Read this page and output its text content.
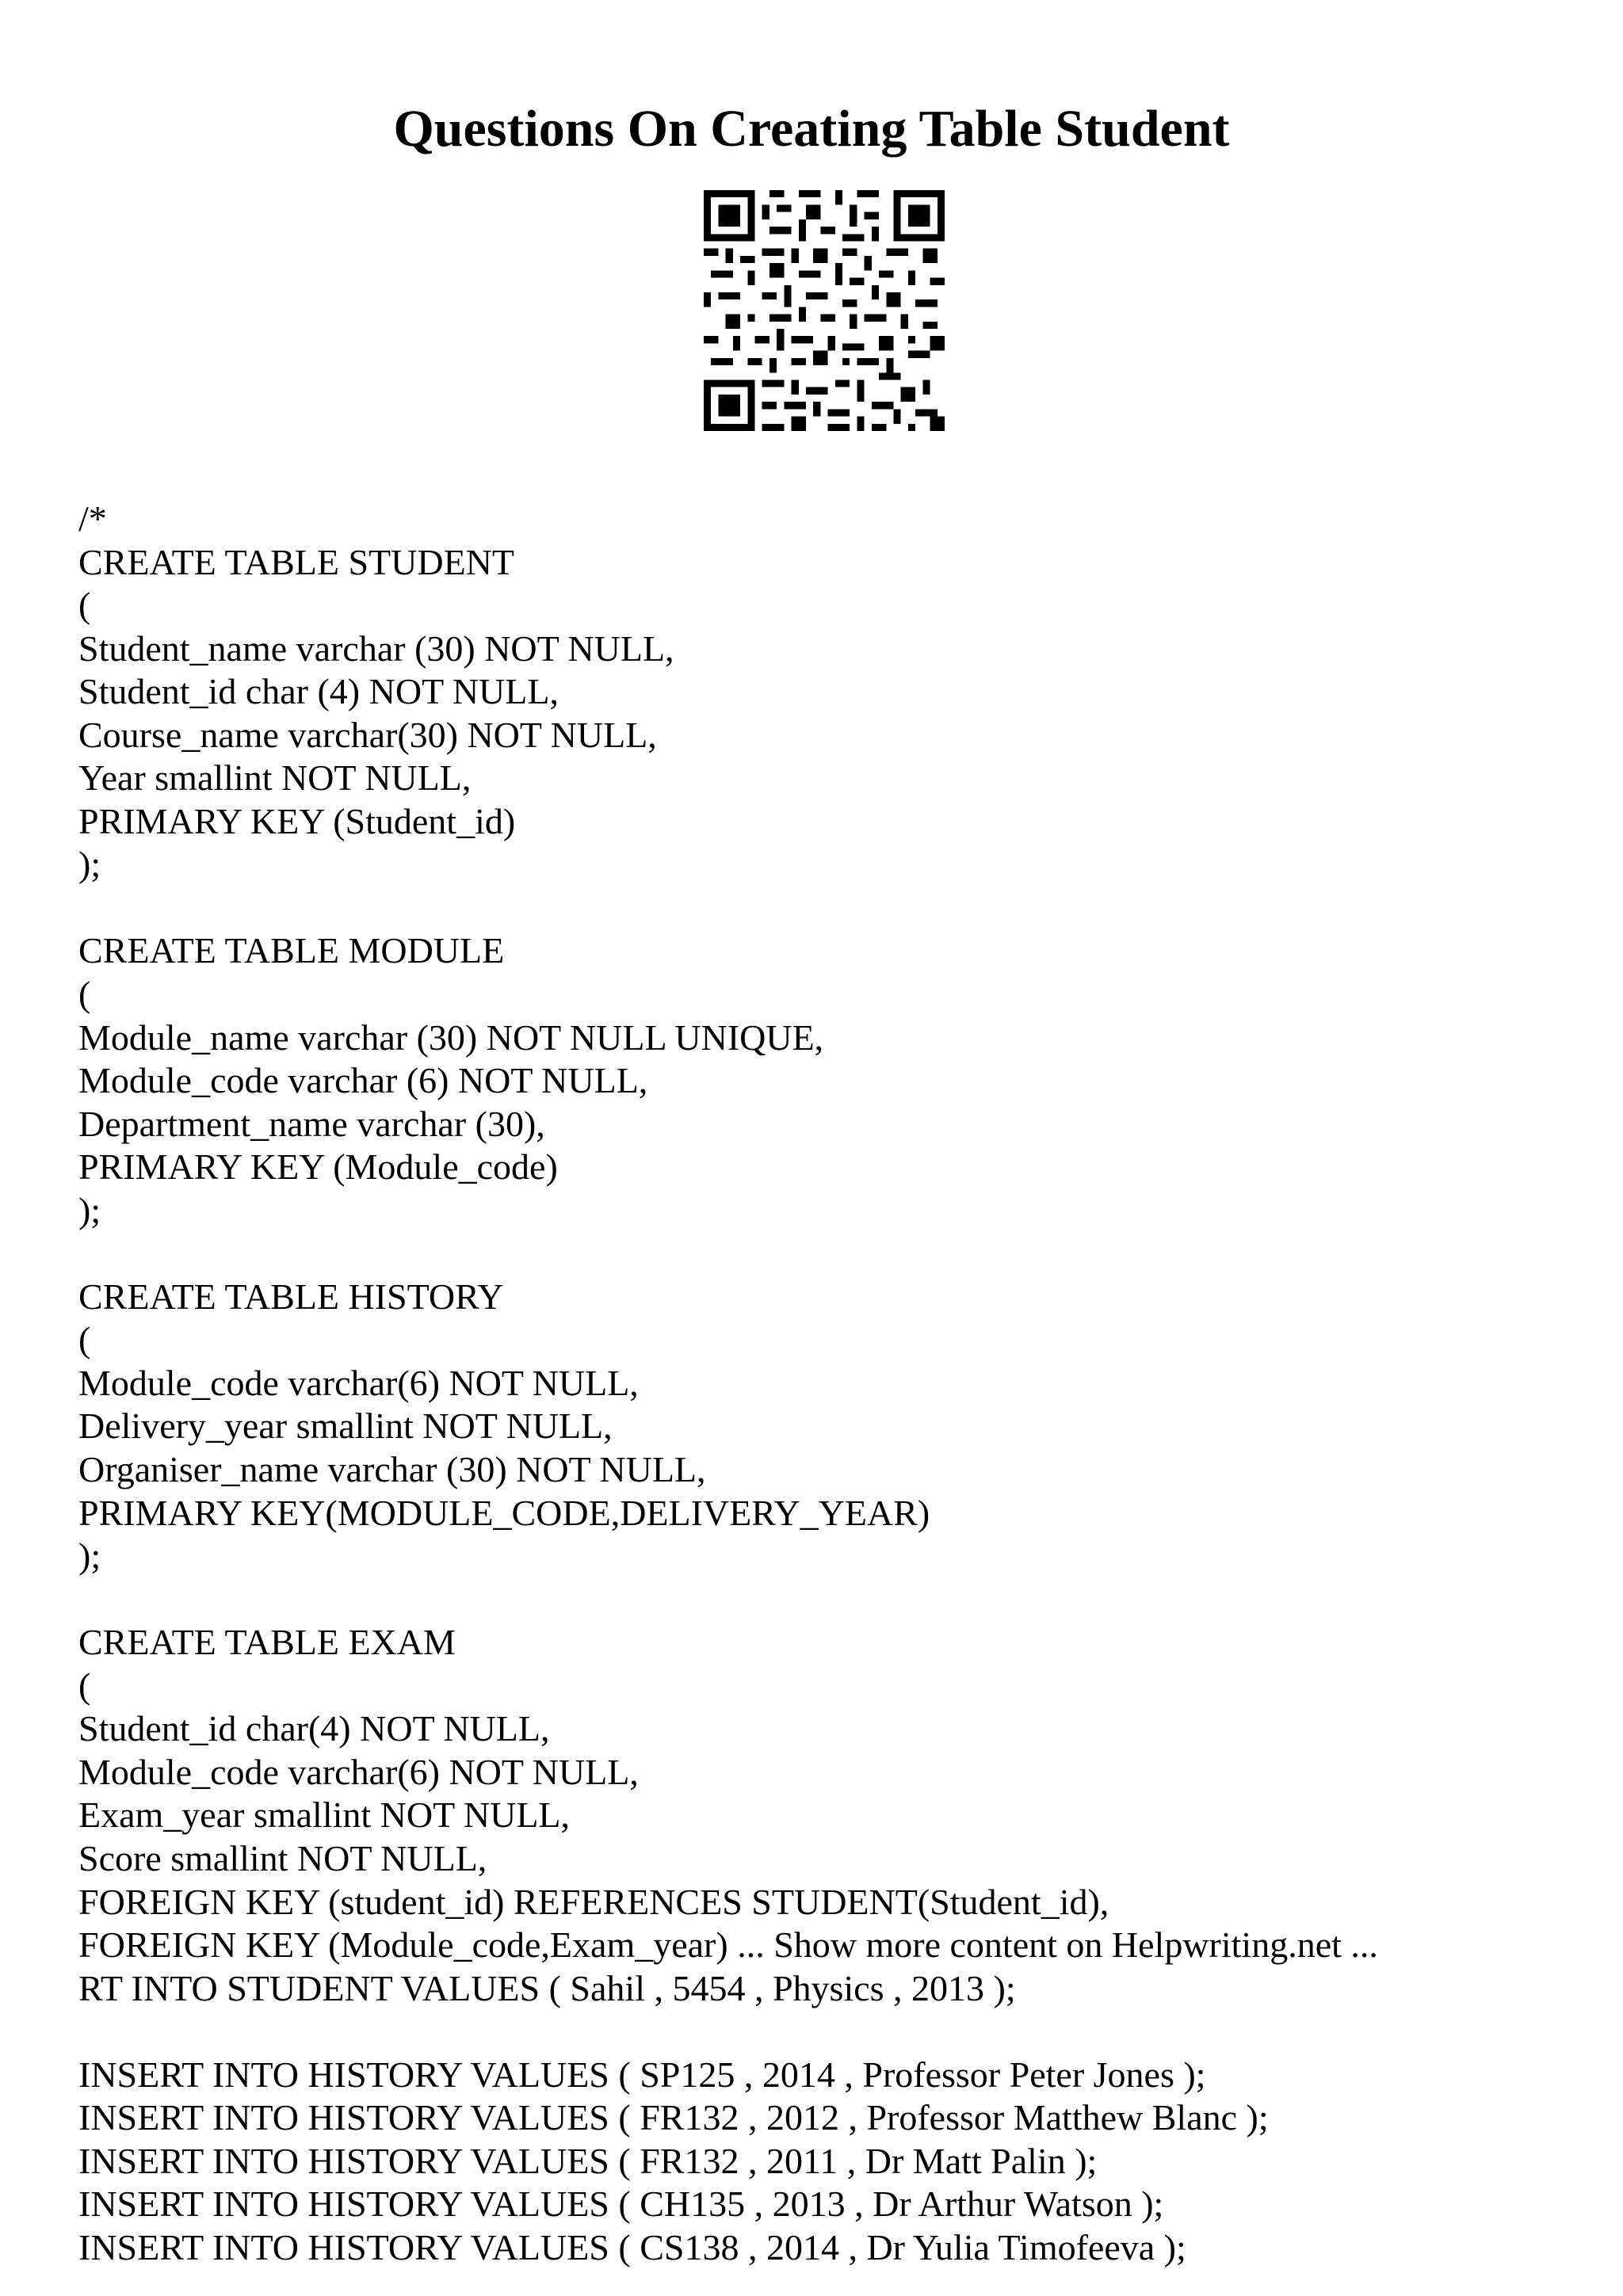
Questions On Creating Table Student
/*
CREATE TABLE STUDENT
(
Student_name varchar (30) NOT NULL,
Student_id char (4) NOT NULL,
Course_name varchar(30) NOT NULL,
Year smallint NOT NULL,
PRIMARY KEY (Student_id)
);
CREATE TABLE MODULE
(
Module_name varchar (30) NOT NULL UNIQUE,
Module_code varchar (6) NOT NULL,
Department_name varchar (30),
PRIMARY KEY (Module_code)
);
CREATE TABLE HISTORY
(
Module_code varchar(6) NOT NULL,
Delivery_year smallint NOT NULL,
Organiser_name varchar (30) NOT NULL,
PRIMARY KEY(MODULE_CODE,DELIVERY_YEAR)
);
CREATE TABLE EXAM
(
Student_id char(4) NOT NULL,
Module_code varchar(6) NOT NULL,
Exam_year smallint NOT NULL,
Score smallint NOT NULL,
FOREIGN KEY (student_id) REFERENCES STUDENT(Student_id),
FOREIGN KEY (Module_code,Exam_year) ... Show more content on Helpwriting.net ...
RT INTO STUDENT VALUES ( Sahil , 5454 , Physics , 2013 );
INSERT INTO HISTORY VALUES ( SP125 , 2014 , Professor Peter Jones );
INSERT INTO HISTORY VALUES ( FR132 , 2012 , Professor Matthew Blanc );
INSERT INTO HISTORY VALUES ( FR132 , 2011 , Dr Matt Palin );
INSERT INTO HISTORY VALUES ( CH135 , 2013 , Dr Arthur Watson );
INSERT INTO HISTORY VALUES ( CS138 , 2014 , Dr Yulia Timofeeva );
